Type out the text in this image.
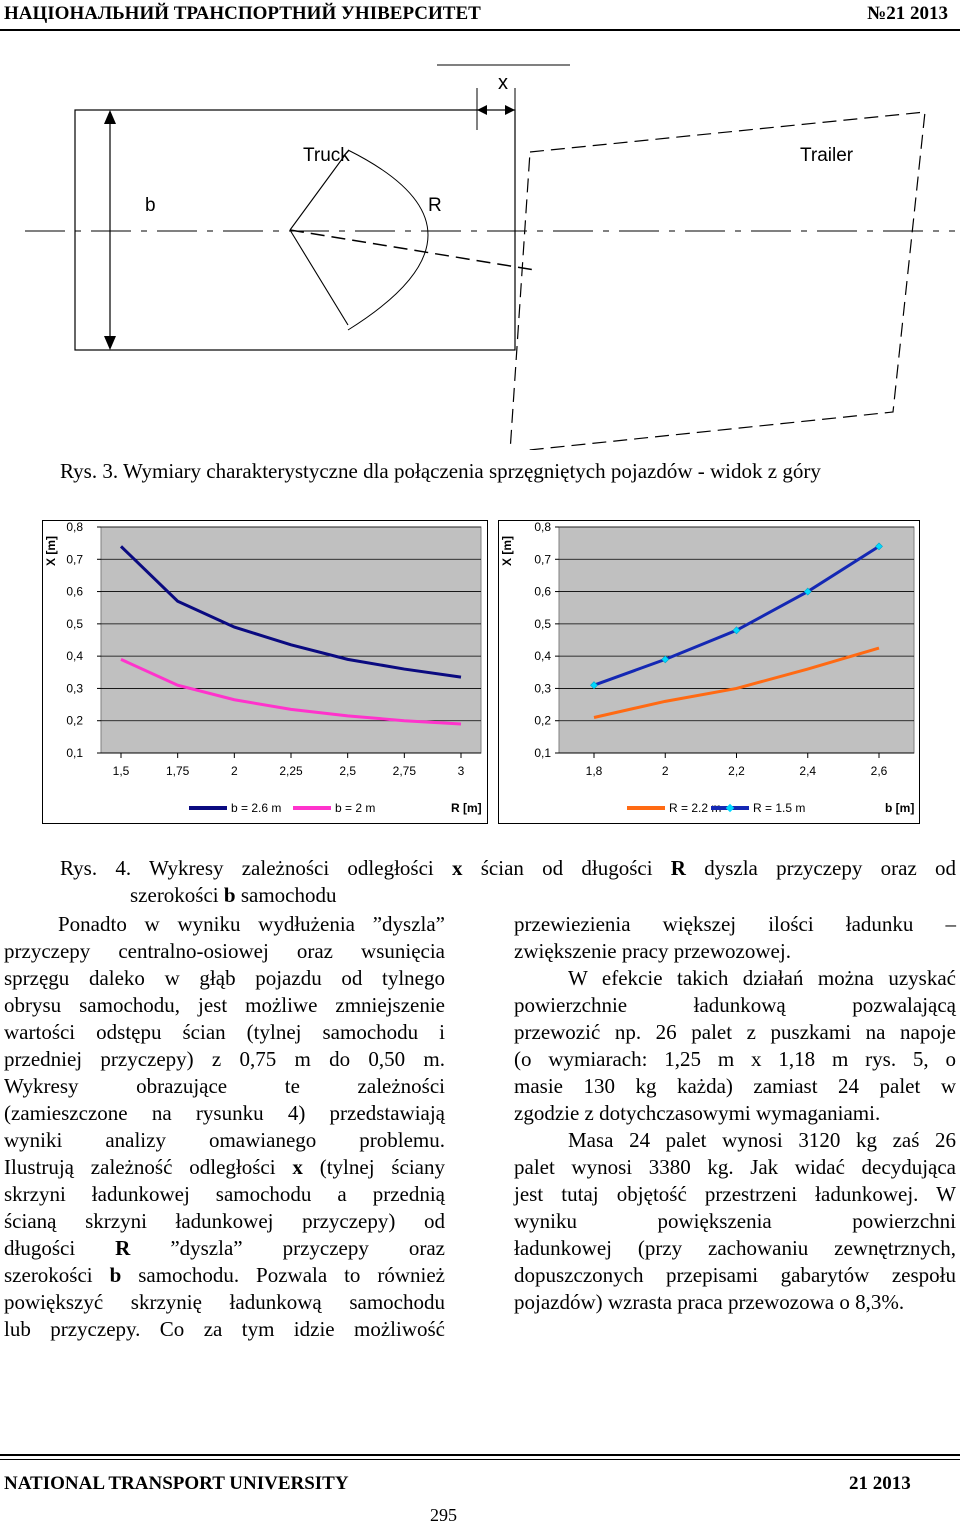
НАЦІОНАЛЬНИЙ ТРАНСПОРТНИЙ УНІВЕРСИТЕТ	№21 2013
x
Truck	Trailer
b	R
Rys. 3. Wymiary charakterystyczne dla połączenia sprzęgniętych pojazdów - widok z góry
0,1
0,2
0,3
0,4
0,5
0,6
0,7
0,8
1,5	1,75	2	2,25	2,5	2,75	3
X [m]
b = 2.6 m	b = 2 m	R [m]
0,1
0,2
0,3
0,4
0,5
0,6
0,7
0,8
1,8	2	2,2	2,4	2,6
X [m]
R = 2.2 m	R = 1.5 m	b [m]
Rys. 4. Wykresy zależności odległości x ścian od długości R dyszla przyczepy oraz od
szerokości b samochodu
Ponadto w wyniku wydłużenia ”dyszla”
przyczepy centralno-osiowej oraz wsunięcia
sprzęgu daleko w głąb pojazdu od tylnego
obrysu samochodu, jest możliwe zmniejszenie
wartości odstępu ścian (tylnej samochodu i
przedniej przyczepy) z 0,75 m do 0,50 m.
Wykresy obrazujące te zależności
(zamieszczone na rysunku 4) przedstawiają
wyniki analizy omawianego problemu.
Ilustrują zależność odległości x (tylnej ściany
skrzyni ładunkowej samochodu a przednią
ścianą skrzyni ładunkowej przyczepy) od
długości R ”dyszla” przyczepy oraz
szerokości b samochodu. Pozwala to również
powiększyć skrzynię ładunkową samochodu
lub przyczepy. Co za tym idzie możliwość
przewiezienia większej ilości ładunku –
zwiększenie pracy przewozowej.
W efekcie takich działań można uzyskać
powierzchnie ładunkową pozwalającą
przewozić np. 26 palet z puszkami na napoje
(o wymiarach: 1,25 m x 1,18 m rys. 5, o
masie 130 kg każda) zamiast 24 palet w
zgodzie z dotychczasowymi wymaganiami.
Masa 24 palet wynosi 3120 kg zaś 26
palet wynosi 3380 kg. Jak widać decydująca
jest tutaj objętość przestrzeni ładunkowej. W
wyniku powiększenia powierzchni
ładunkowej (przy zachowaniu zewnętrznych,
dopuszczonych przepisami gabarytów zespołu
pojazdów) wzrasta praca przewozowa o 8,3%.
NATIONAL TRANSPORT UNIVERSITY	21 2013
295
